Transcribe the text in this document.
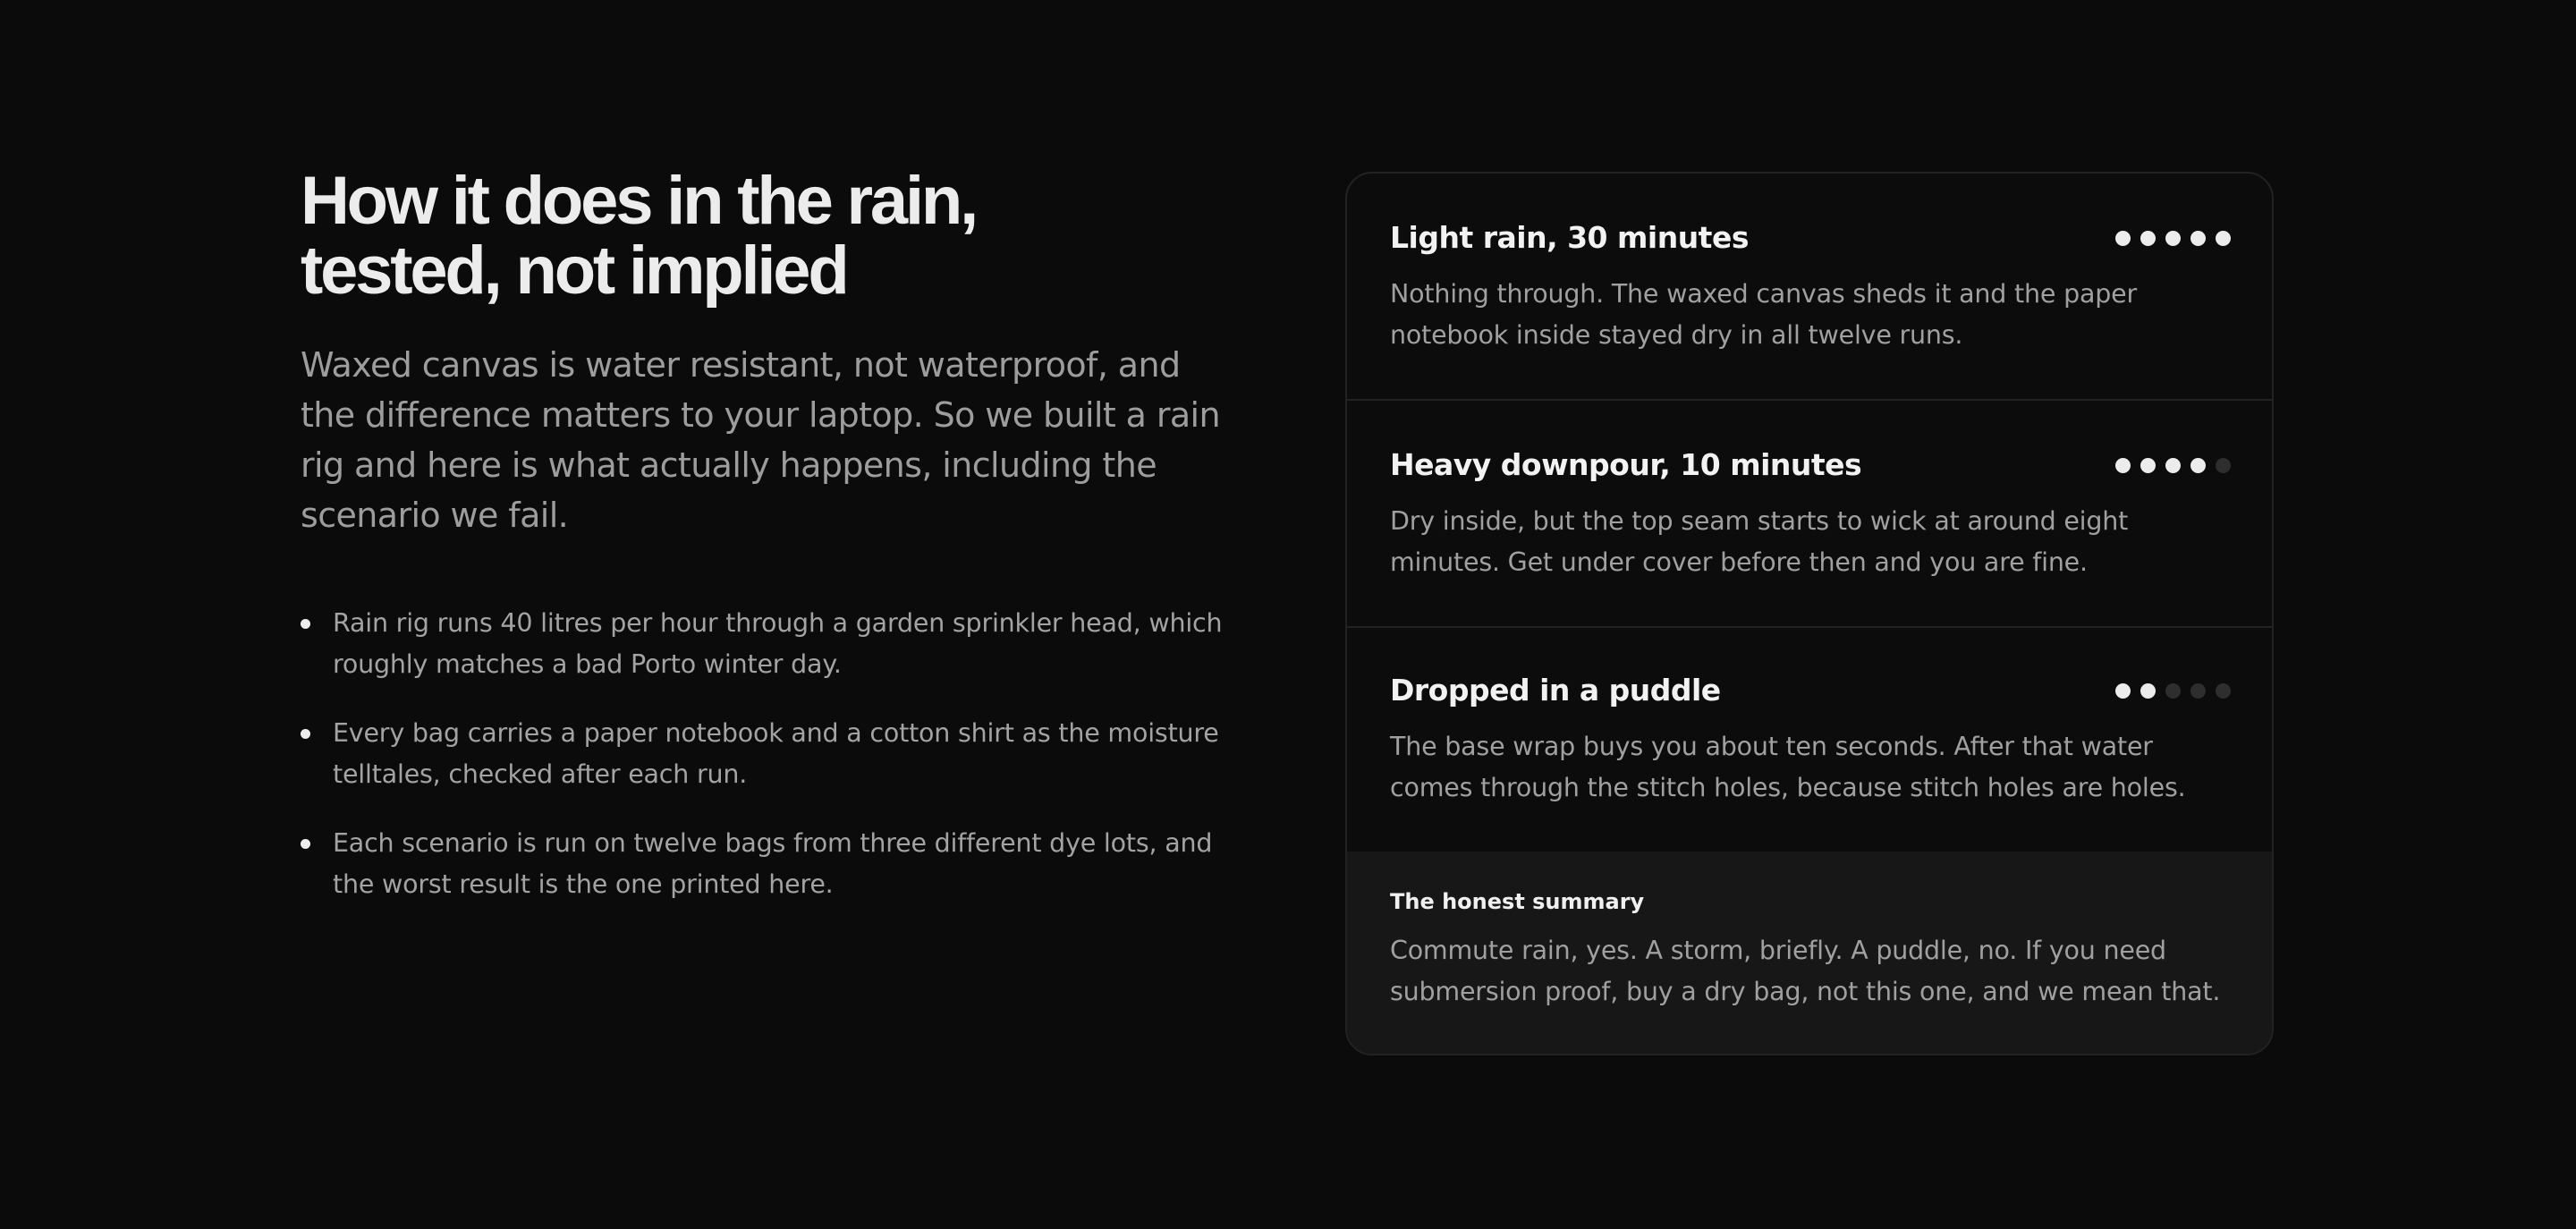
How it does in the rain,
tested, not implied

Waxed canvas is water resistant, not waterproof, and the difference matters to your laptop. So we built a rain rig and here is what actually happens, including the scenario we fail.

Rain rig runs 40 litres per hour through a garden sprinkler head, which roughly matches a bad Porto winter day.
Every bag carries a paper notebook and a cotton shirt as the moisture telltales, checked after each run.
Each scenario is run on twelve bags from three different dye lots, and the worst result is the one printed here.
Light rain, 30 minutes
Nothing through. The waxed canvas sheds it and the paper notebook inside stayed dry in all twelve runs.
Heavy downpour, 10 minutes
Dry inside, but the top seam starts to wick at around eight minutes. Get under cover before then and you are fine.
Dropped in a puddle
The base wrap buys you about ten seconds. After that water comes through the stitch holes, because stitch holes are holes.
The honest summary
Commute rain, yes. A storm, briefly. A puddle, no. If you need submersion proof, buy a dry bag, not this one, and we mean that.
